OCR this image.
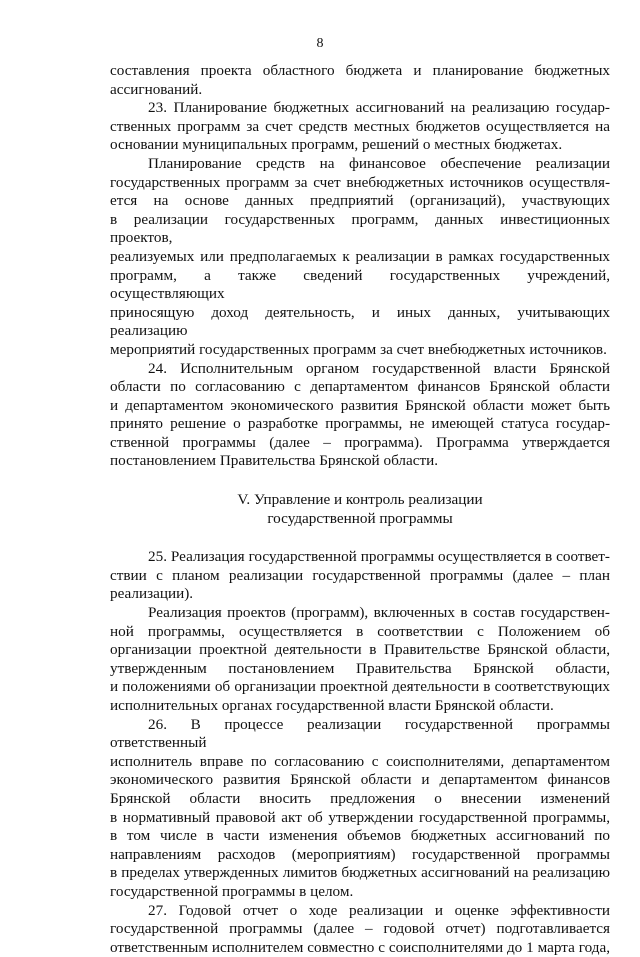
8
составления проекта областного бюджета и планирование бюджетных
ассигнований.
23. Планирование бюджетных ассигнований на реализацию государ-
ственных программ за счет средств местных бюджетов осуществляется на
основании муниципальных программ, решений о местных бюджетах.
Планирование средств на финансовое обеспечение реализации
государственных программ за счет внебюджетных источников осуществля-
ется на основе данных предприятий (организаций), участвующих
в реализации государственных программ, данных инвестиционных проектов,
реализуемых или предполагаемых к реализации в рамках государственных
программ, а также сведений государственных учреждений, осуществляющих
приносящую доход деятельность, и иных данных, учитывающих реализацию
мероприятий государственных программ за счет внебюджетных источников.
24. Исполнительным органом государственной власти Брянской
области по согласованию с департаментом финансов Брянской области
и департаментом экономического развития Брянской области может быть
принято решение о разработке программы, не имеющей статуса государ-
ственной программы (далее – программа). Программа утверждается
постановлением Правительства Брянской области.
V. Управление и контроль реализации
государственной программы
25. Реализация государственной программы осуществляется в соответ-
ствии с планом реализации государственной программы (далее – план
реализации).
Реализация проектов (программ), включенных в состав государствен-
ной программы, осуществляется в соответствии с Положением об
организации проектной деятельности в Правительстве Брянской области,
утвержденным постановлением Правительства Брянской области,
и положениями об организации проектной деятельности в соответствующих
исполнительных органах государственной власти Брянской области.
26. В процессе реализации государственной программы ответственный
исполнитель вправе по согласованию с соисполнителями, департаментом
экономического развития Брянской области и департаментом финансов
Брянской области вносить предложения о внесении изменений
в нормативный правовой акт об утверждении государственной программы,
в том числе в части изменения объемов бюджетных ассигнований по
направлениям расходов (мероприятиям) государственной программы
в пределах утвержденных лимитов бюджетных ассигнований на реализацию
государственной программы в целом.
27. Годовой отчет о ходе реализации и оценке эффективности
государственной программы (далее – годовой отчет) подготавливается
ответственным исполнителем совместно с соисполнителями до 1 марта года,
